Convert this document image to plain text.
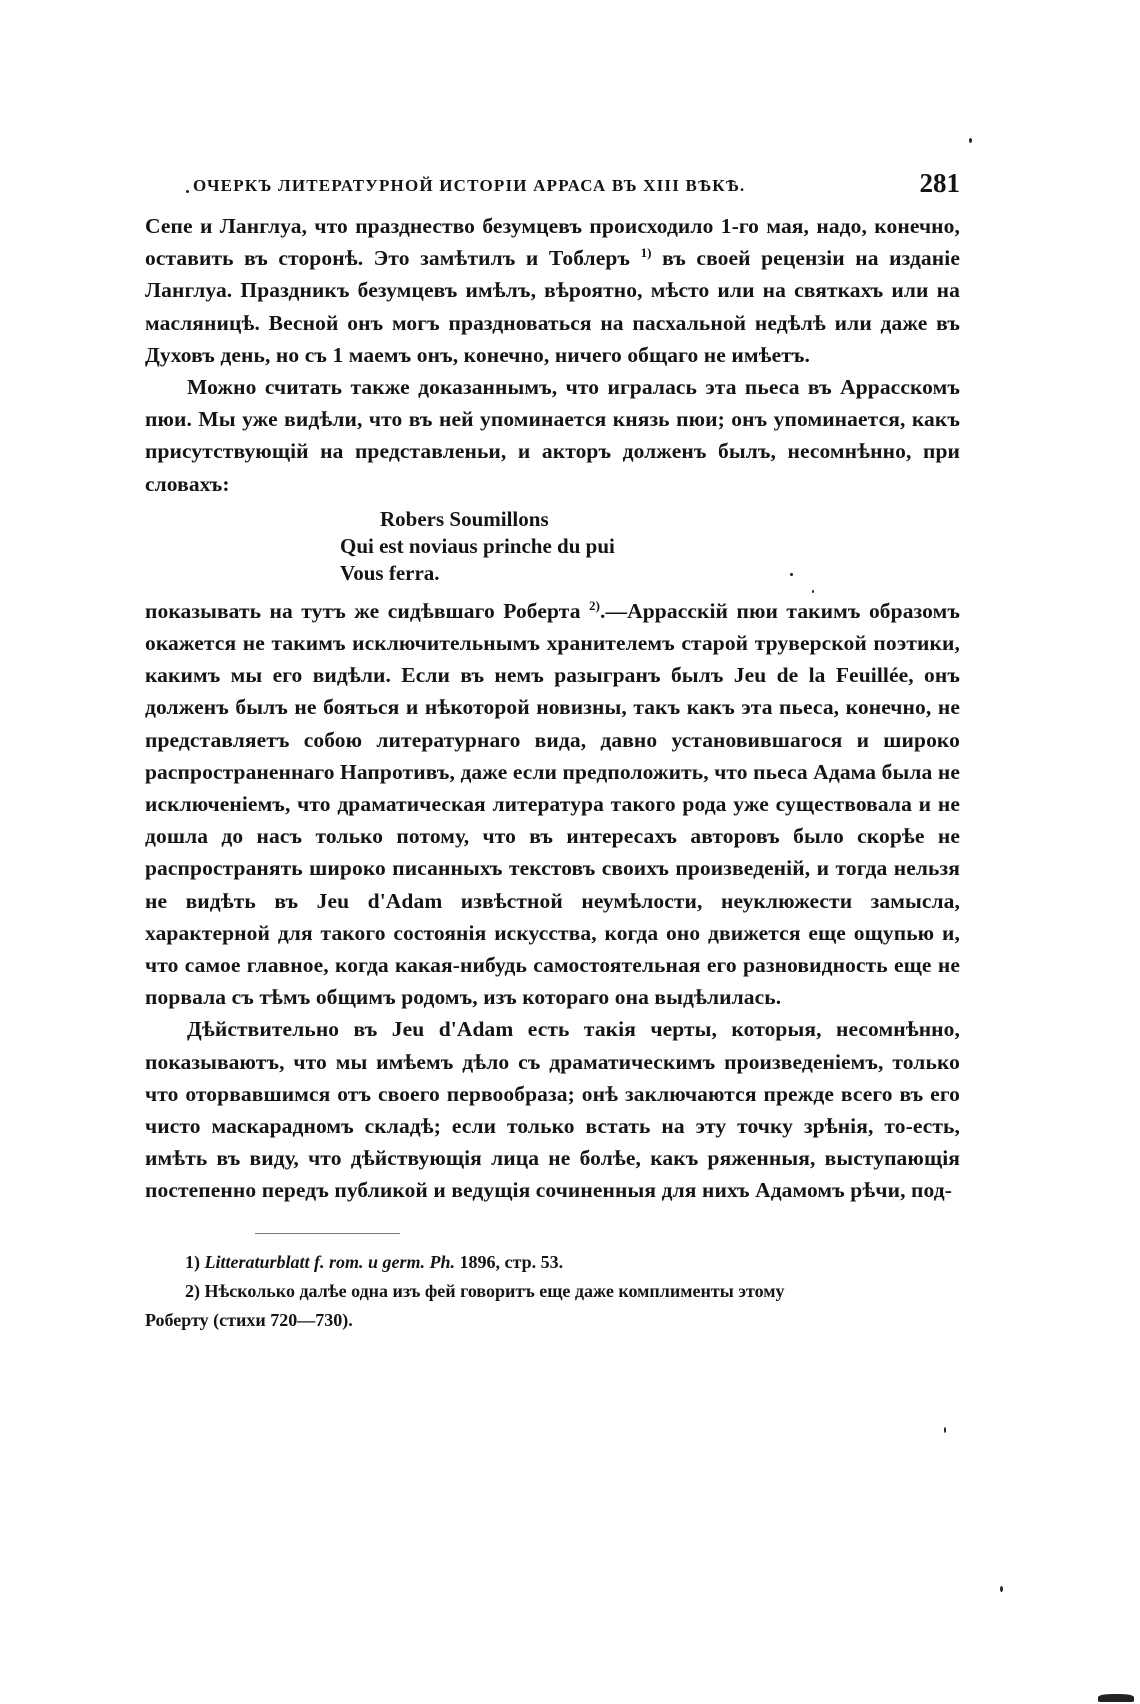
ОЧЕРКЪ ЛИТЕРАТУРНОЙ ИСТОРІИ АРРАСА ВЪ XIII ВѢКѢ.	281

Сепе и Ланглуа, что празднество безумцевъ происходило 1-го мая, надо, конечно, оставить въ сторонѣ. Это замѣтилъ и Тоблеръ $^{1)}$ въ своей рецензіи на изданіе Ланглуа. Праздникъ безумцевъ имѣлъ, вѣроятно, мѣсто или на святкахъ или на масляницѣ. Весной онъ могъ праздноваться на пасхальной недѣлѣ или даже въ Духовъ день, но съ 1 маемъ онъ, конечно, ничего общаго не имѣетъ.

Можно считать также доказаннымъ, что игралась эта пьеса въ Аррасскомъ пюи. Мы уже видѣли, что въ ней упоминается князь пюи; онъ упоминается, какъ присутствующій на представленьи, и акторъ долженъ былъ, несомнѣнно, при словахъ:

Robers Soumillons
Qui est noviaus prinche du pui
Vous ferra.

показывать на тутъ же сидѣвшаго Роберта $^{2)}$.—Аррасскій пюи такимъ образомъ окажется не такимъ исключительнымъ хранителемъ старой труверской поэтики, какимъ мы его видѣли. Если въ немъ разыгранъ былъ Jeu de la Feuillée, онъ долженъ былъ не бояться и нѣкоторой новизны, такъ какъ эта пьеса, конечно, не представляетъ собою литературнаго вида, давно установившагося и широко распространеннаго Напротивъ, даже если предположить, что пьеса Адама была не исключеніемъ, что драматическая литература такого рода уже существовала и не дошла до насъ только потому, что въ интересахъ авторовъ было скорѣе не распространять широко писанныхъ текстовъ своихъ произведеній, и тогда нельзя не видѣть въ Jeu d'Adam извѣстной неумѣлости, неуклюжести замысла, характерной для такого состоянія искусства, когда оно движется еще ощупью и, что самое главное, когда какая-нибудь самостоятельная его разновидность еще не порвала съ тѣмъ общимъ родомъ, изъ котораго она выдѣлилась.

Дѣйствительно въ Jeu d'Adam есть такія черты, которыя, несомнѣнно, показываютъ, что мы имѣемъ дѣло съ драматическимъ произведеніемъ, только что оторвавшимся отъ своего первообраза; онѣ заключаются прежде всего въ его чисто маскарадномъ складѣ; если только встать на эту точку зрѣнія, то-есть, имѣть въ виду, что дѣйствующія лица не болѣе, какъ ряженныя, выступающія постепенно передъ публикой и ведущія сочиненныя для нихъ Адамомъ рѣчи, под-

1) Litteraturblatt f. rom. u germ. Ph. 1896, стр. 53.

2) Нѣсколько далѣе одна изъ фей говоритъ еще даже комплименты этому

Роберту (стихи 720—730).
